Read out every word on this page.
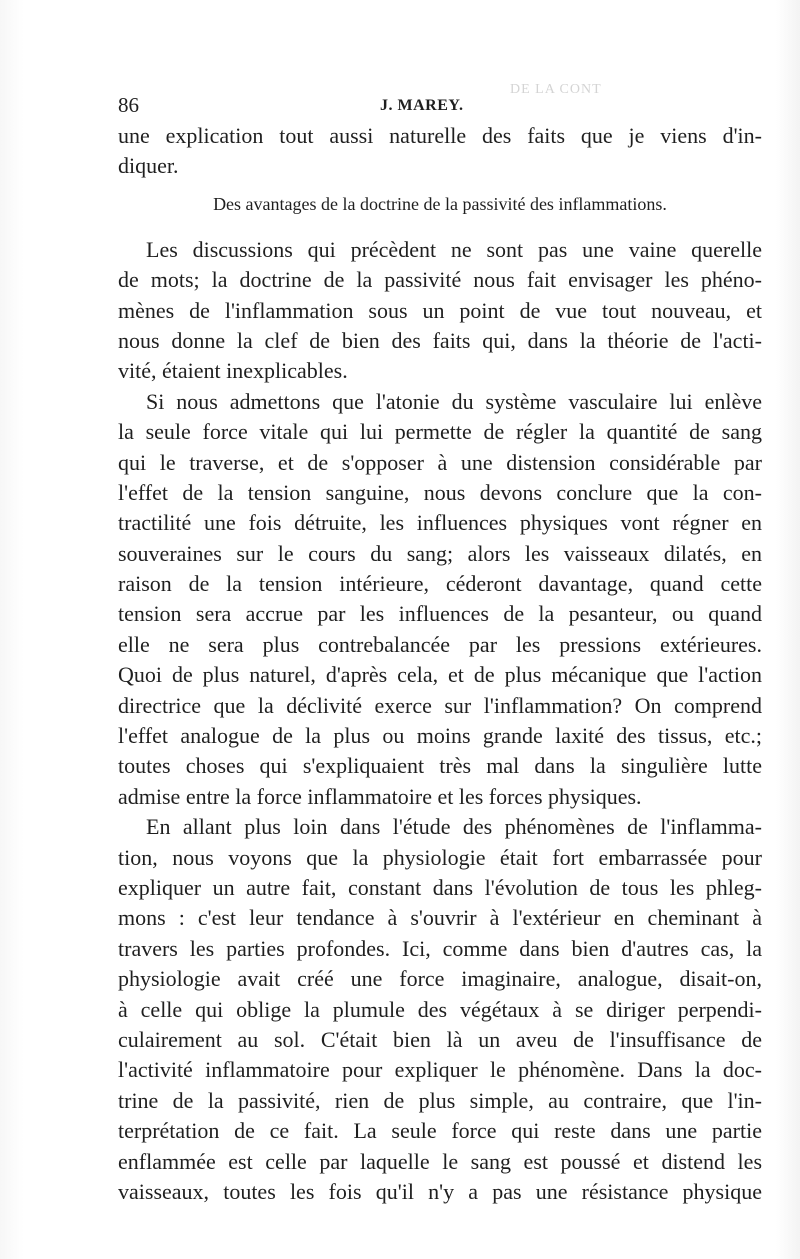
DE LA CONT
86	J. MAREY.
une explication tout aussi naturelle des faits que je viens d'in-
diquer.
Des avantages de la doctrine de la passivité des inflammations.
Les discussions qui précèdent ne sont pas une vaine querelle
de mots; la doctrine de la passivité nous fait envisager les phéno-
mènes de l'inflammation sous un point de vue tout nouveau, et
nous donne la clef de bien des faits qui, dans la théorie de l'acti-
vité, étaient inexplicables.
Si nous admettons que l'atonie du système vasculaire lui enlève
la seule force vitale qui lui permette de régler la quantité de sang
qui le traverse, et de s'opposer à une distension considérable par
l'effet de la tension sanguine, nous devons conclure que la con-
tractilité une fois détruite, les influences physiques vont régner en
souveraines sur le cours du sang; alors les vaisseaux dilatés, en
raison de la tension intérieure, céderont davantage, quand cette
tension sera accrue par les influences de la pesanteur, ou quand
elle ne sera plus contrebalancée par les pressions extérieures.
Quoi de plus naturel, d'après cela, et de plus mécanique que l'action
directrice que la déclivité exerce sur l'inflammation? On comprend
l'effet analogue de la plus ou moins grande laxité des tissus, etc.;
toutes choses qui s'expliquaient très mal dans la singulière lutte
admise entre la force inflammatoire et les forces physiques.
En allant plus loin dans l'étude des phénomènes de l'inflamma-
tion, nous voyons que la physiologie était fort embarrassée pour
expliquer un autre fait, constant dans l'évolution de tous les phleg-
mons : c'est leur tendance à s'ouvrir à l'extérieur en cheminant à
travers les parties profondes. Ici, comme dans bien d'autres cas, la
physiologie avait créé une force imaginaire, analogue, disait-on,
à celle qui oblige la plumule des végétaux à se diriger perpendi-
culairement au sol. C'était bien là un aveu de l'insuffisance de
l'activité inflammatoire pour expliquer le phénomène. Dans la doc-
trine de la passivité, rien de plus simple, au contraire, que l'in-
terprétation de ce fait. La seule force qui reste dans une partie
enflammée est celle par laquelle le sang est poussé et distend les
vaisseaux, toutes les fois qu'il n'y a pas une résistance physique
